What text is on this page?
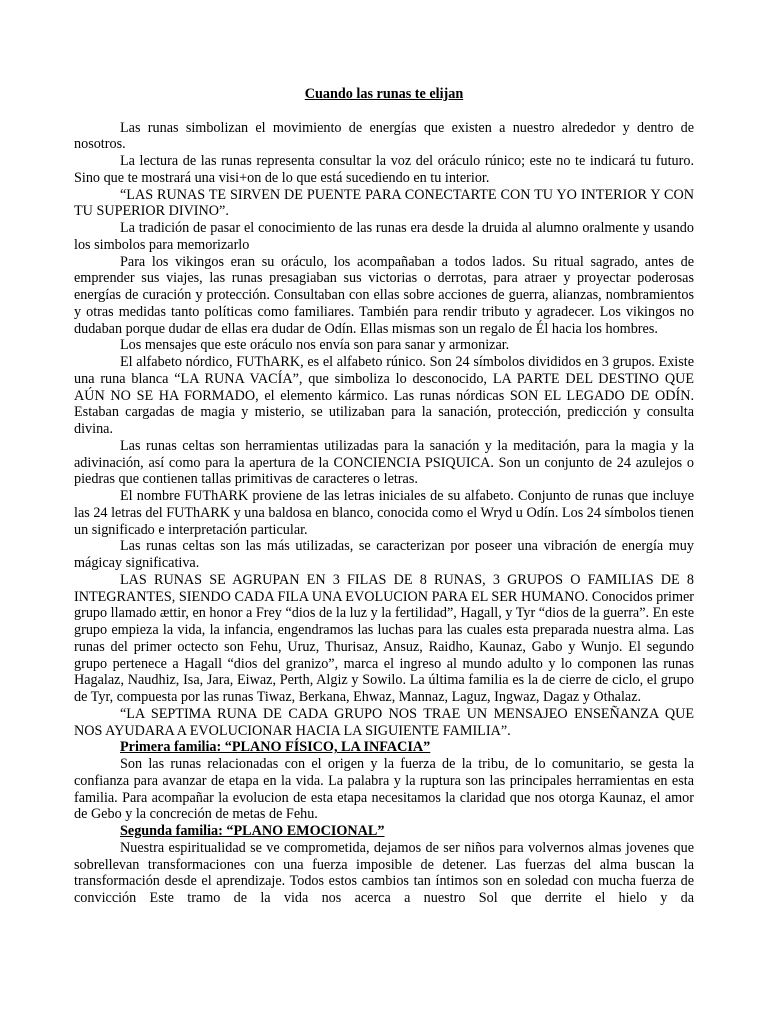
Cuando las runas te elijan

Las runas simbolizan el movimiento de energías que existen a nuestro alrededor y dentro de nosotros.

La lectura de las runas representa consultar la voz del oráculo rúnico; este no te indicará tu futuro. Sino que te mostrará una visi+on de lo que está sucediendo en tu interior.

“LAS RUNAS TE SIRVEN DE PUENTE PARA CONECTARTE CON TU YO INTERIOR Y CON TU SUPERIOR DIVINO”.

La tradición de pasar el conocimiento de las runas era desde la druida al alumno oralmente y usando los simbolos para memorizarlo

Para los vikingos eran su oráculo, los acompañaban a todos lados. Su ritual sagrado, antes de emprender sus viajes, las runas presagiaban sus victorias o derrotas, para atraer y proyectar poderosas energías de curación y protección. Consultaban con ellas sobre acciones de guerra, alianzas, nombramientos y otras medidas tanto políticas como familiares. También para rendir tributo y agradecer. Los vikingos no dudaban porque dudar de ellas era dudar de Odín. Ellas mismas son un regalo de Él hacia los hombres.

Los mensajes que este oráculo nos envía son para sanar y armonizar.

El alfabeto nórdico, FUThARK, es el alfabeto rúnico. Son 24 símbolos divididos en 3 grupos. Existe una runa blanca “LA RUNA VACÍA”, que simboliza lo desconocido, LA PARTE DEL DESTINO QUE AÚN NO SE HA FORMADO, el elemento kármico. Las runas nórdicas SON EL LEGADO DE ODÍN. Estaban cargadas de magia y misterio, se utilizaban para la sanación, protección, predicción y consulta divina.

Las runas celtas son herramientas utilizadas para la sanación y la meditación, para la magia y la adivinación, así como para la apertura de la CONCIENCIA PSIQUICA. Son un conjunto de 24 azulejos o piedras que contienen tallas primitivas de caracteres o letras.

El nombre FUThARK proviene de las letras iniciales de su alfabeto. Conjunto de runas que incluye las 24 letras del FUThARK y una baldosa en blanco, conocida como el Wryd u Odín. Los 24 símbolos tienen un significado e interpretación particular.

Las runas celtas son las más utilizadas, se caracterizan por poseer una vibración de energía muy mágicay significativa.

LAS RUNAS SE AGRUPAN EN 3 FILAS DE 8 RUNAS, 3 GRUPOS O FAMILIAS DE 8 INTEGRANTES, SIENDO CADA FILA UNA EVOLUCION PARA EL SER HUMANO. Conocidos primer grupo llamado ættir, en honor a Frey “dios de la luz y la fertilidad”, Hagall, y Tyr “dios de la guerra”. En este grupo empieza la vida, la infancia, engendramos las luchas para las cuales esta preparada nuestra alma. Las runas del primer octecto son Fehu, Uruz, Thurisaz, Ansuz, Raidho, Kaunaz, Gabo y Wunjo. El segundo grupo pertenece a Hagall “dios del granizo”, marca el ingreso al mundo adulto y lo componen las runas Hagalaz, Naudhiz, Isa, Jara, Eiwaz, Perth, Algiz y Sowilo. La última familia es la de cierre de ciclo, el grupo de Tyr, compuesta por las runas Tiwaz, Berkana, Ehwaz, Mannaz, Laguz, Ingwaz, Dagaz y Othalaz.

“LA SEPTIMA RUNA DE CADA GRUPO NOS TRAE UN MENSAJEO ENSEÑANZA QUE NOS AYUDARA A EVOLUCIONAR HACIA LA SIGUIENTE FAMILIA”.

Primera familia: “PLANO FÍSICO, LA INFACIA”

Son las runas relacionadas con el origen y la fuerza de la tribu, de lo comunitario, se gesta la confianza para avanzar de etapa en la vida. La palabra y la ruptura son las principales herramientas en esta familia. Para acompañar la evolucion de esta etapa necesitamos la claridad que nos otorga Kaunaz, el amor de Gebo y la concreción de metas de Fehu.

Segunda familia: “PLANO EMOCIONAL”

Nuestra espiritualidad se ve comprometida, dejamos de ser niños para volvernos almas jovenes que sobrellevan transformaciones con una fuerza imposible de detener. Las fuerzas del alma buscan la transformación desde el aprendizaje. Todos estos cambios tan íntimos son en soledad con mucha fuerza de convicción Este tramo de la vida nos acerca a nuestro Sol que derrite el hielo y da
